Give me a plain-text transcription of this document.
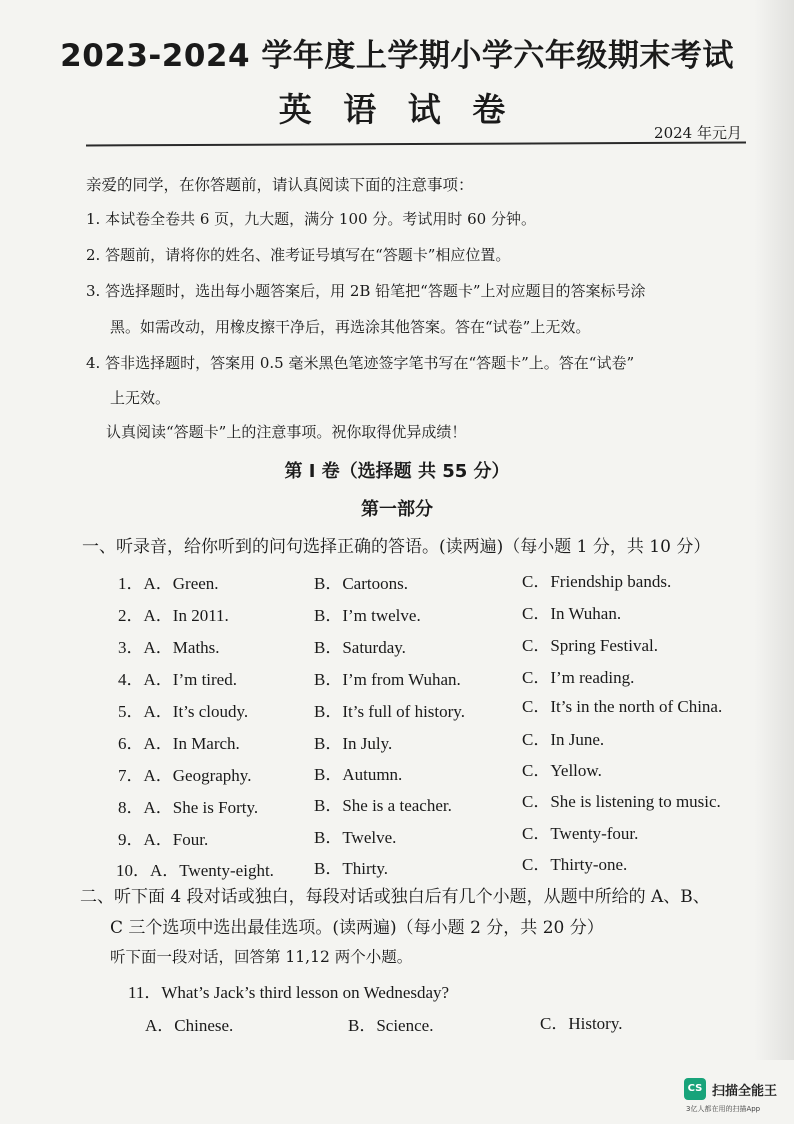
2023-2024 学年度上学期小学六年级期末考试
英 语 试 卷
2024 年元月
亲爱的同学，在你答题前，请认真阅读下面的注意事项：
1. 本试卷全卷共 6 页，九大题，满分 100 分。考试用时 60 分钟。
2. 答题前，请将你的姓名、准考证号填写在“答题卡”相应位置。
3. 答选择题时，选出每小题答案后，用 2B 铅笔把“答题卡”上对应题目的答案标号涂
黑。如需改动，用橡皮擦干净后，再选涂其他答案。答在“试卷”上无效。
4. 答非选择题时，答案用 0.5 毫米黑色笔迹签字笔书写在“答题卡”上。答在“试卷”
上无效。
认真阅读“答题卡”上的注意事项。祝你取得优异成绩！
第 Ⅰ 卷（选择题 共 55 分）
第一部分
一、听录音，给你听到的问句选择正确的答语。(读两遍)（每小题 1 分，共 10 分）
1．A．Green.	B．Cartoons.	C．Friendship bands.
2．A．In 2011.	B．I’m twelve.	C．In Wuhan.
3．A．Maths.	B．Saturday.	C．Spring Festival.
4．A．I’m tired.	B．I’m from Wuhan.	C．I’m reading.
5．A．It’s cloudy.	B．It’s full of history.	C．It’s in the north of China.
6．A．In March.	B．In July.	C．In June.
7．A．Geography.	B．Autumn.	C．Yellow.
8．A．She is Forty.	B．She is a teacher.	C．She is listening to music.
9．A．Four.	B．Twelve.	C．Twenty-four.
10．A．Twenty-eight. B．Thirty.	C．Thirty-one.
二、听下面 4 段对话或独白，每段对话或独白后有几个小题，从题中所给的 A、B、
C 三个选项中选出最佳选项。(读两遍)（每小题 2 分，共 20 分）
听下面一段对话，回答第 11,12 两个小题。
11．What’s Jack’s third lesson on Wednesday?
A．Chinese.	B．Science.	C．History.
CS 扫描全能王
3亿人都在用的扫描App
